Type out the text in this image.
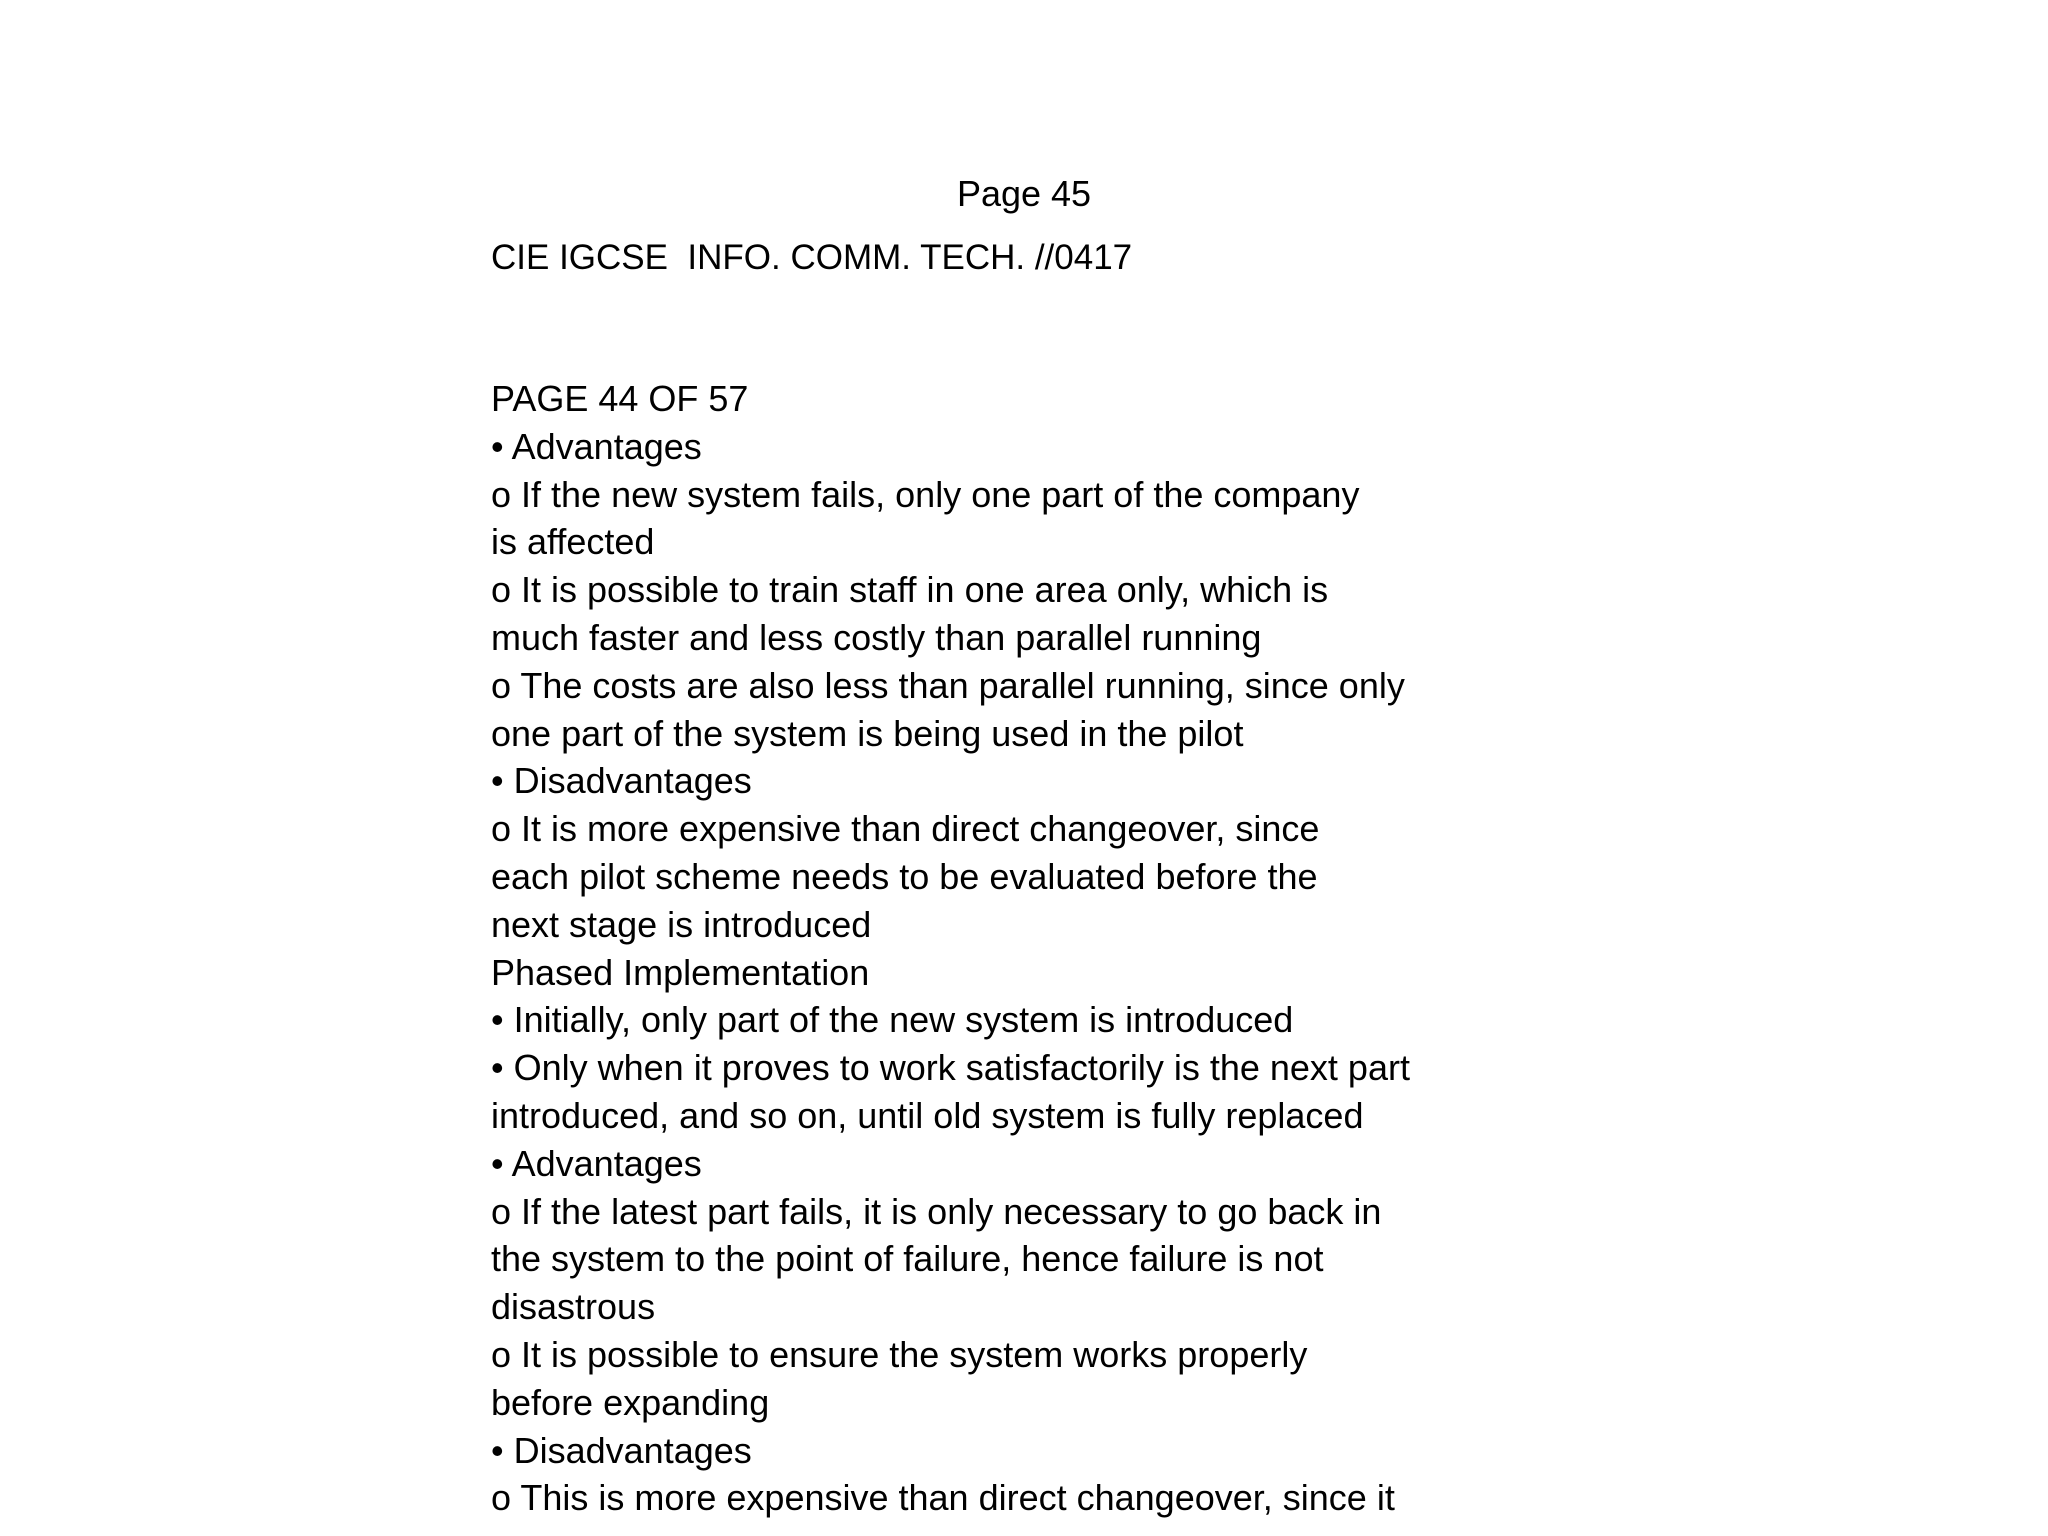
Page 45
CIE IGCSE  INFO. COMM. TECH. //0417
PAGE 44 OF 57
• Advantages
o If the new system fails, only one part of the company
is affected
o It is possible to train staff in one area only, which is
much faster and less costly than parallel running
o The costs are also less than parallel running, since only
one part of the system is being used in the pilot
• Disadvantages
o It is more expensive than direct changeover, since
each pilot scheme needs to be evaluated before the
next stage is introduced
Phased Implementation
• Initially, only part of the new system is introduced
• Only when it proves to work satisfactorily is the next part
introduced, and so on, until old system is fully replaced
• Advantages
o If the latest part fails, it is only necessary to go back in
the system to the point of failure, hence failure is not
disastrous
o It is possible to ensure the system works properly
before expanding
• Disadvantages
o This is more expensive than direct changeover, since it
